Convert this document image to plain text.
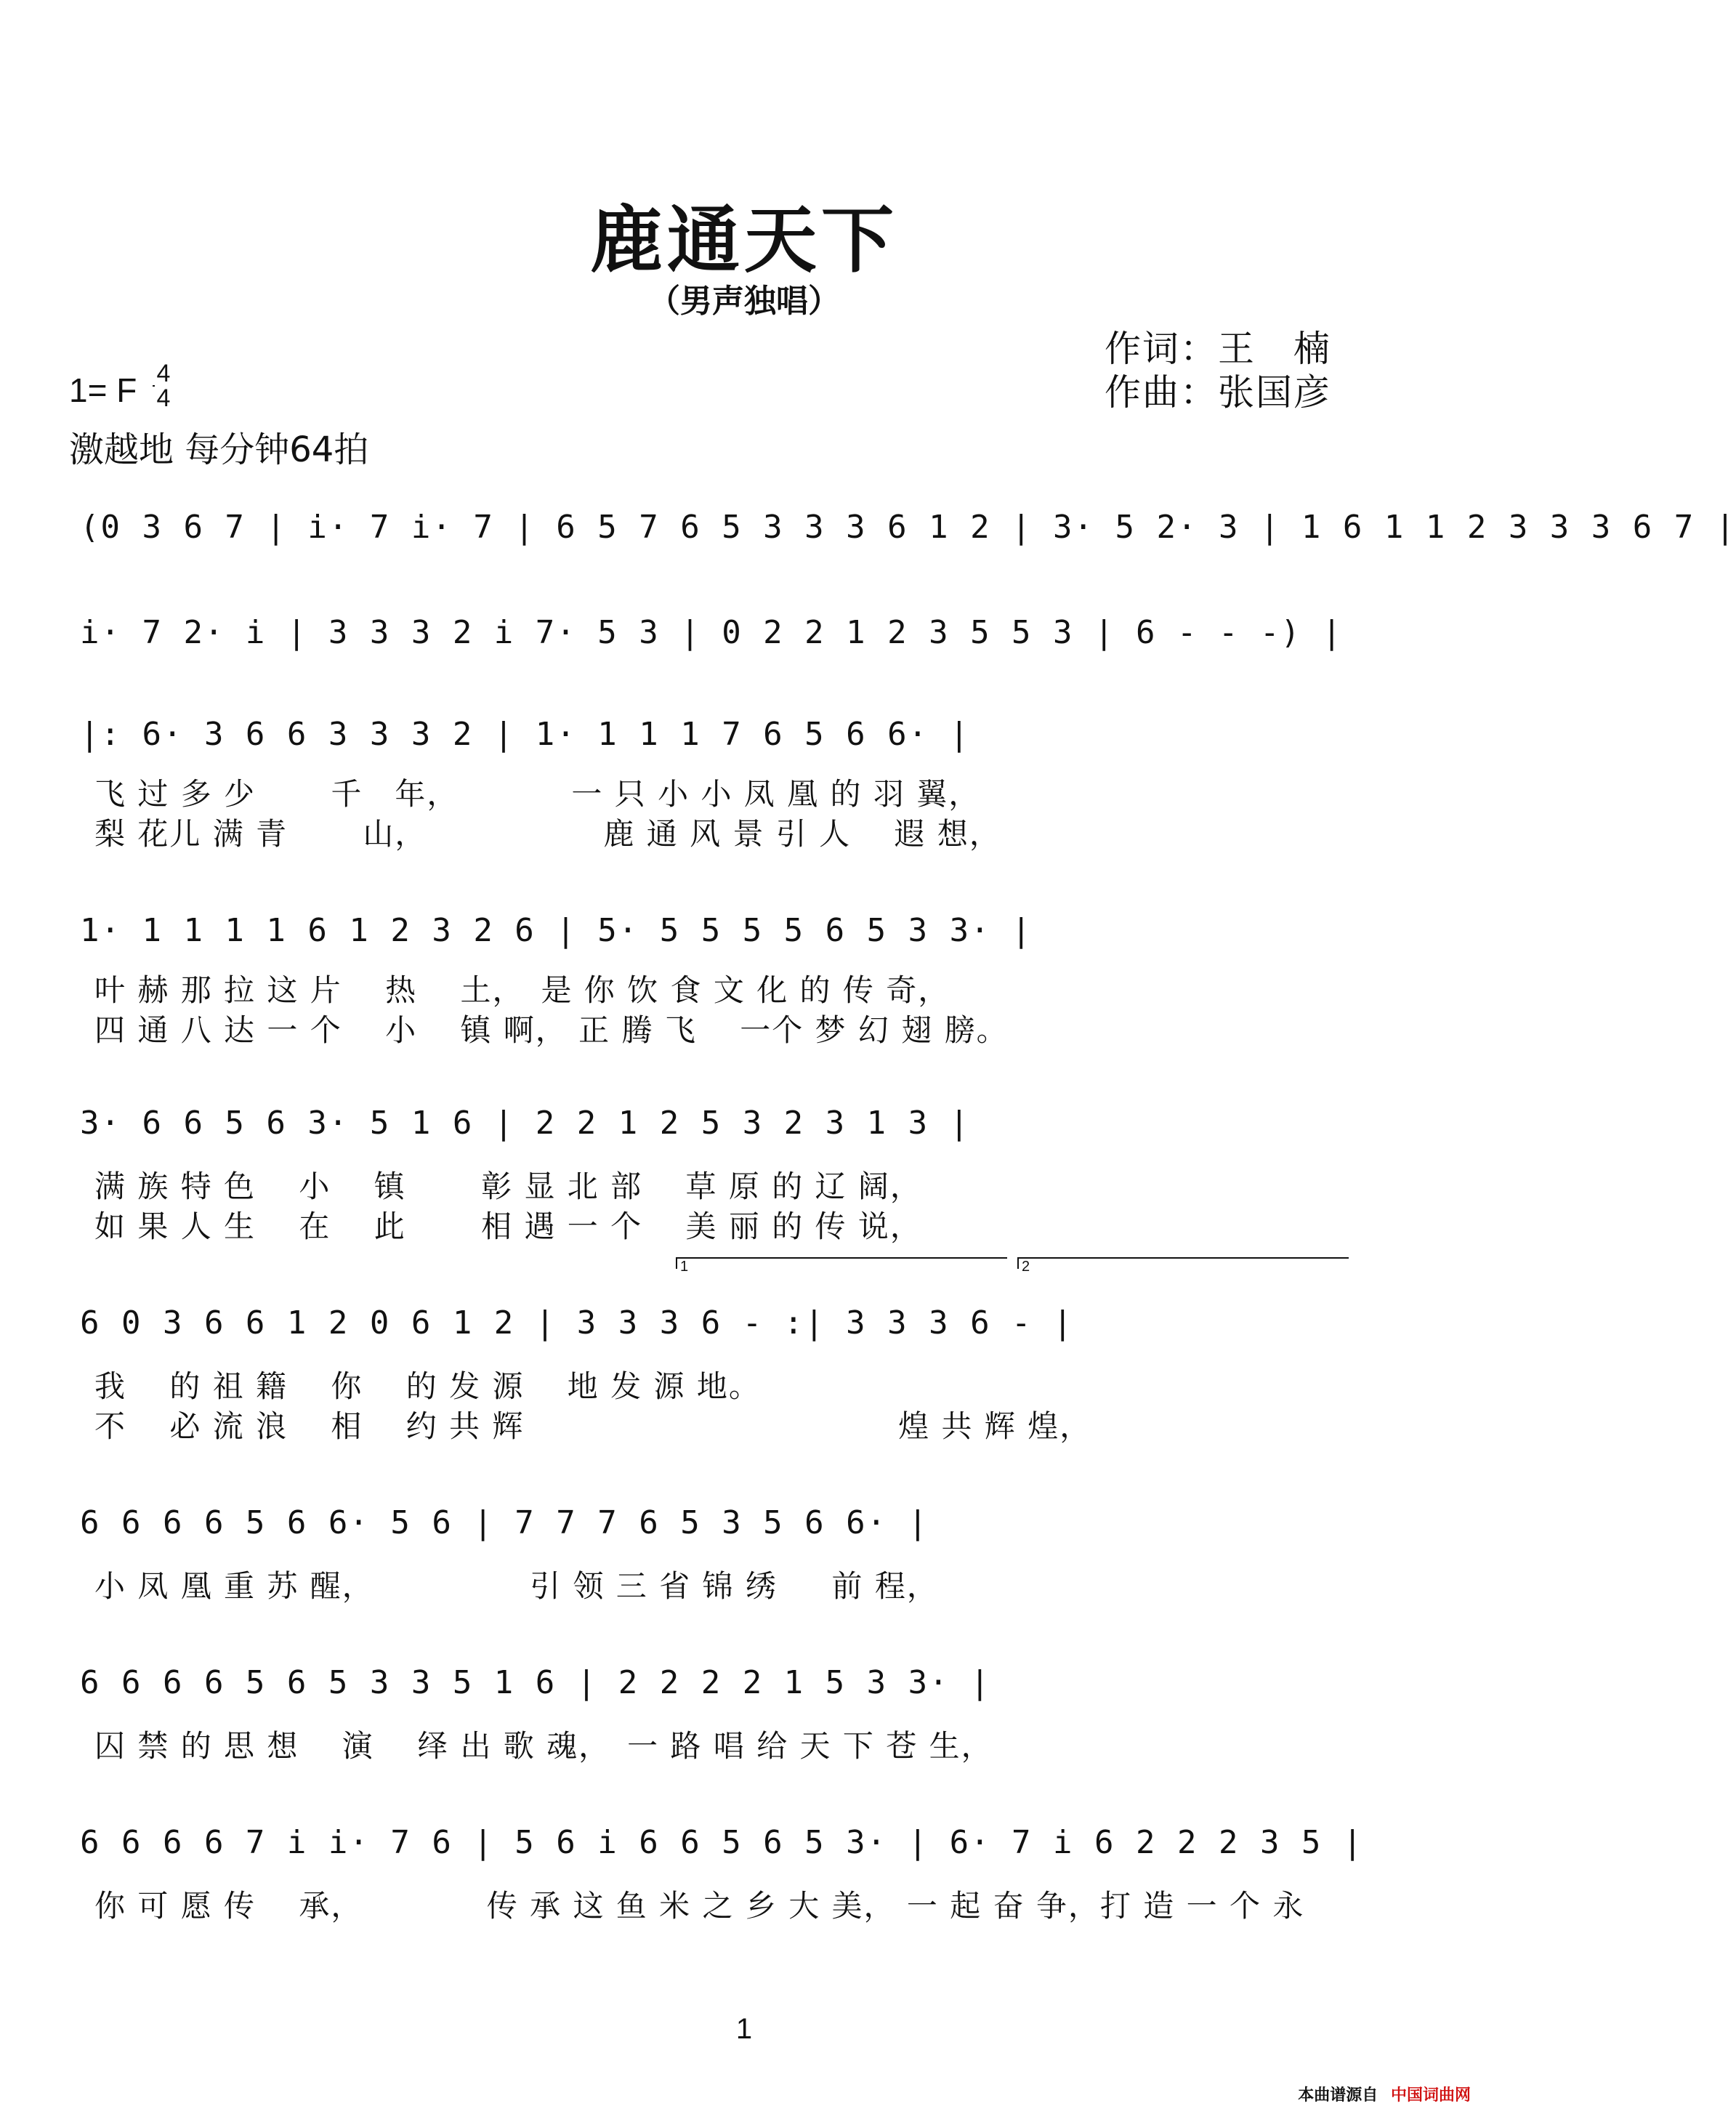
鹿通天下
（男声独唱）
作词：王　楠
作曲：张国彦
1= F 4
4
激越地 每分钟64拍
(0 3 6 7 | i· 7 i· 7 | 6 5 7 6 5 3 3 3 6 1 2 | 3· 5 2· 3 | 1 6 1 1 2 3 3 3 6 7 |
i· 7 2· i | 3 3 3 2 i 7· 5 3 | 0 2 2 1 2 3 5 5 3 | 6 - - -) |
|: 6· 3 6 6 3 3 3 2 | 1· 1 1 1 7 6 5 6 6· |
飞 过 多 少 　　千　年，　　　　一 只 小 小 凤 凰 的 羽 翼，
梨 花儿 满 青 　　山，　　　　　　鹿 通 风 景 引 人 　遐 想，
1· 1 1 1 1 6 1 2 3 2 6 | 5· 5 5 5 5 6 5 3 3· |
叶 赫 那 拉 这 片 　热　 土，　是 你 饮 食 文 化 的 传 奇，
四 通 八 达 一 个 　小　 镇 啊， 正 腾 飞　 一个 梦 幻 翅 膀。
3· 6 6 5 6 3· 5 1 6 | 2 2 1 2 5 3 2 3 1 3 |
满 族 特 色 　小　 镇　　 彰 显 北 部 　草 原 的 辽 阔，
如 果 人 生 　在　 此　　 相 遇 一 个 　美 丽 的 传 说，
1	2
6 0 3 6 6 1 2 0 6 1 2 | 3 3 3 6 - :| 3 3 3 6 - |
我 　的 祖 籍 　你 　的 发 源 　地 发 源 地。
不 　必 流 浪 　相 　约 共 辉 　　　　　　　　　　　 煌 共 辉 煌，
6 6 6 6 5 6 6· 5 6 | 7 7 7 6 5 3 5 6 6· |
小 凤 凰 重 苏 醒，　　　　　 引 领 三 省 锦 绣 　 前 程，
6 6 6 6 5 6 5 3 3 5 1 6 | 2 2 2 2 1 5 3 3· |
囚 禁 的 思 想 　演　 绎 出 歌 魂，　一 路 唱 给 天 下 苍 生，
6 6 6 6 7 i i· 7 6 | 5 6 i 6 6 5 6 5 3· | 6· 7 i 6 2 2 2 3 5 |
你 可 愿 传 　承，　　　　 传 承 这 鱼 米 之 乡 大 美， 一 起 奋 争，打 造 一 个 永
1
本曲谱源自 中国词曲网
